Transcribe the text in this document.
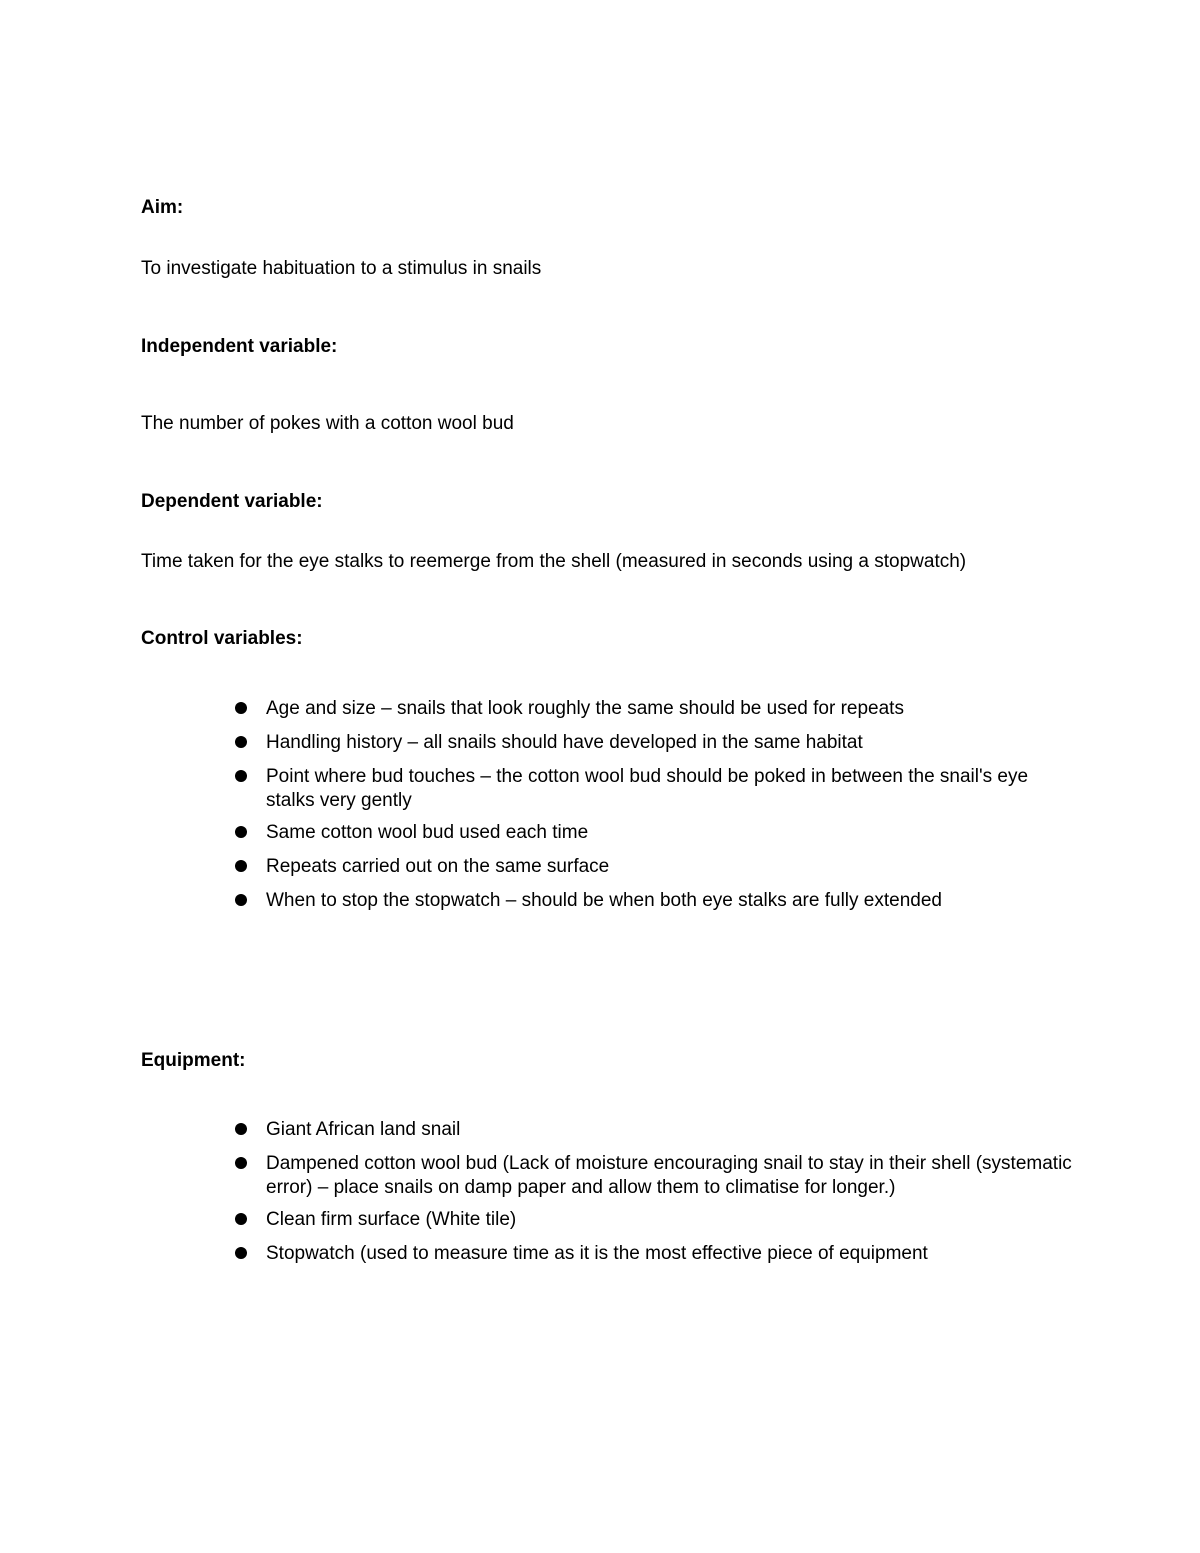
Aim:

To investigate habituation to a stimulus in snails

Independent variable:

The number of pokes with a cotton wool bud

Dependent variable:

Time taken for the eye stalks to reemerge from the shell (measured in seconds using a stopwatch)

Control variables:

Age and size – snails that look roughly the same should be used for repeats
Handling history – all snails should have developed in the same habitat
Point where bud touches – the cotton wool bud should be poked in between the snail's eye stalks very gently
Same cotton wool bud used each time
Repeats carried out on the same surface
When to stop the stopwatch – should be when both eye stalks are fully extended

Equipment:

Giant African land snail
Dampened cotton wool bud (Lack of moisture encouraging snail to stay in their shell (systematic error) – place snails on damp paper and allow them to climatise for longer.)
Clean firm surface (White tile)
Stopwatch (used to measure time as it is the most effective piece of equipment
